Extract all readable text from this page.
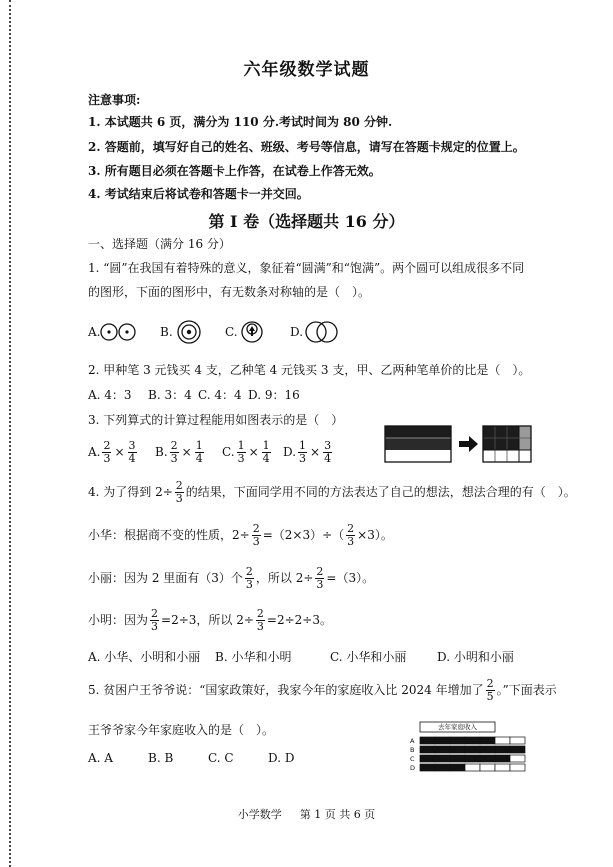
六年级数学试题
注意事项:
1. 本试题共 6 页，满分为 110 分.考试时间为 80 分钟.
2. 答题前，填写好自己的姓名、班级、考号等信息，请写在答题卡规定的位置上。
3. 所有题目必须在答题卡上作答，在试卷上作答无效。
4. 考试结束后将试卷和答题卡一并交回。
第 I 卷（选择题共 16 分）
一、选择题（满分 16 分）
1. “圆”在我国有着特殊的意义，象征着“圆满”和“饱满”。两个圆可以组成很多不同
的图形，下面的图形中，有无数条对称轴的是（　）。
A.	B.	C.	D.
2. 甲种笔 3 元钱买 4 支，乙种笔 4 元钱买 3 支，甲、乙两种笔单价的比是（　）。
A. 4：3 B. 3：4 C. 4：4 D. 9：16
3. 下列算式的计算过程能用如图表示的是（　）
A. $\frac{2}{3} \times \frac{3}{4} B$. $\frac{2}{3} \times \frac{1}{4} C$. $\frac{1}{3} \times \frac{1}{4} D$. $\frac{1}{3} \times \frac{3}{4}$
4. 为了得到 $2\div \frac{2}{3}$ 的结果，下面同学用不同的方法表达了自己的想法，想法合理的有（　）。
小华：根据商不变的性质，$2\div \frac{2}{3} =(2\times 3)\div( \frac{2}{3} \times 3)$。
小丽：因为 2 里面有（3）个 $\frac{2}{3}$ ，所以 $2\div \frac{2}{3} =(3)$。
小明：因为 $\frac{2}{3} =2\div 3$，所以 $2\div \frac{2}{3} =2\div 2\div 3$。
A. 小华、小明和小丽 B. 小华和小明	C. 小华和小丽	D. 小明和小丽
5. 贫困户王爷爷说：“国家政策好，我家今年的家庭收入比 2024 年增加了 $\frac{2}{5}$ 。”下面表示
王爷爷家今年家庭收入的是（　）。
A. A	B. B	C. C	D. D
去年家庭收入
A
B
C
D
小学数学 第 1 页 共 6 页
